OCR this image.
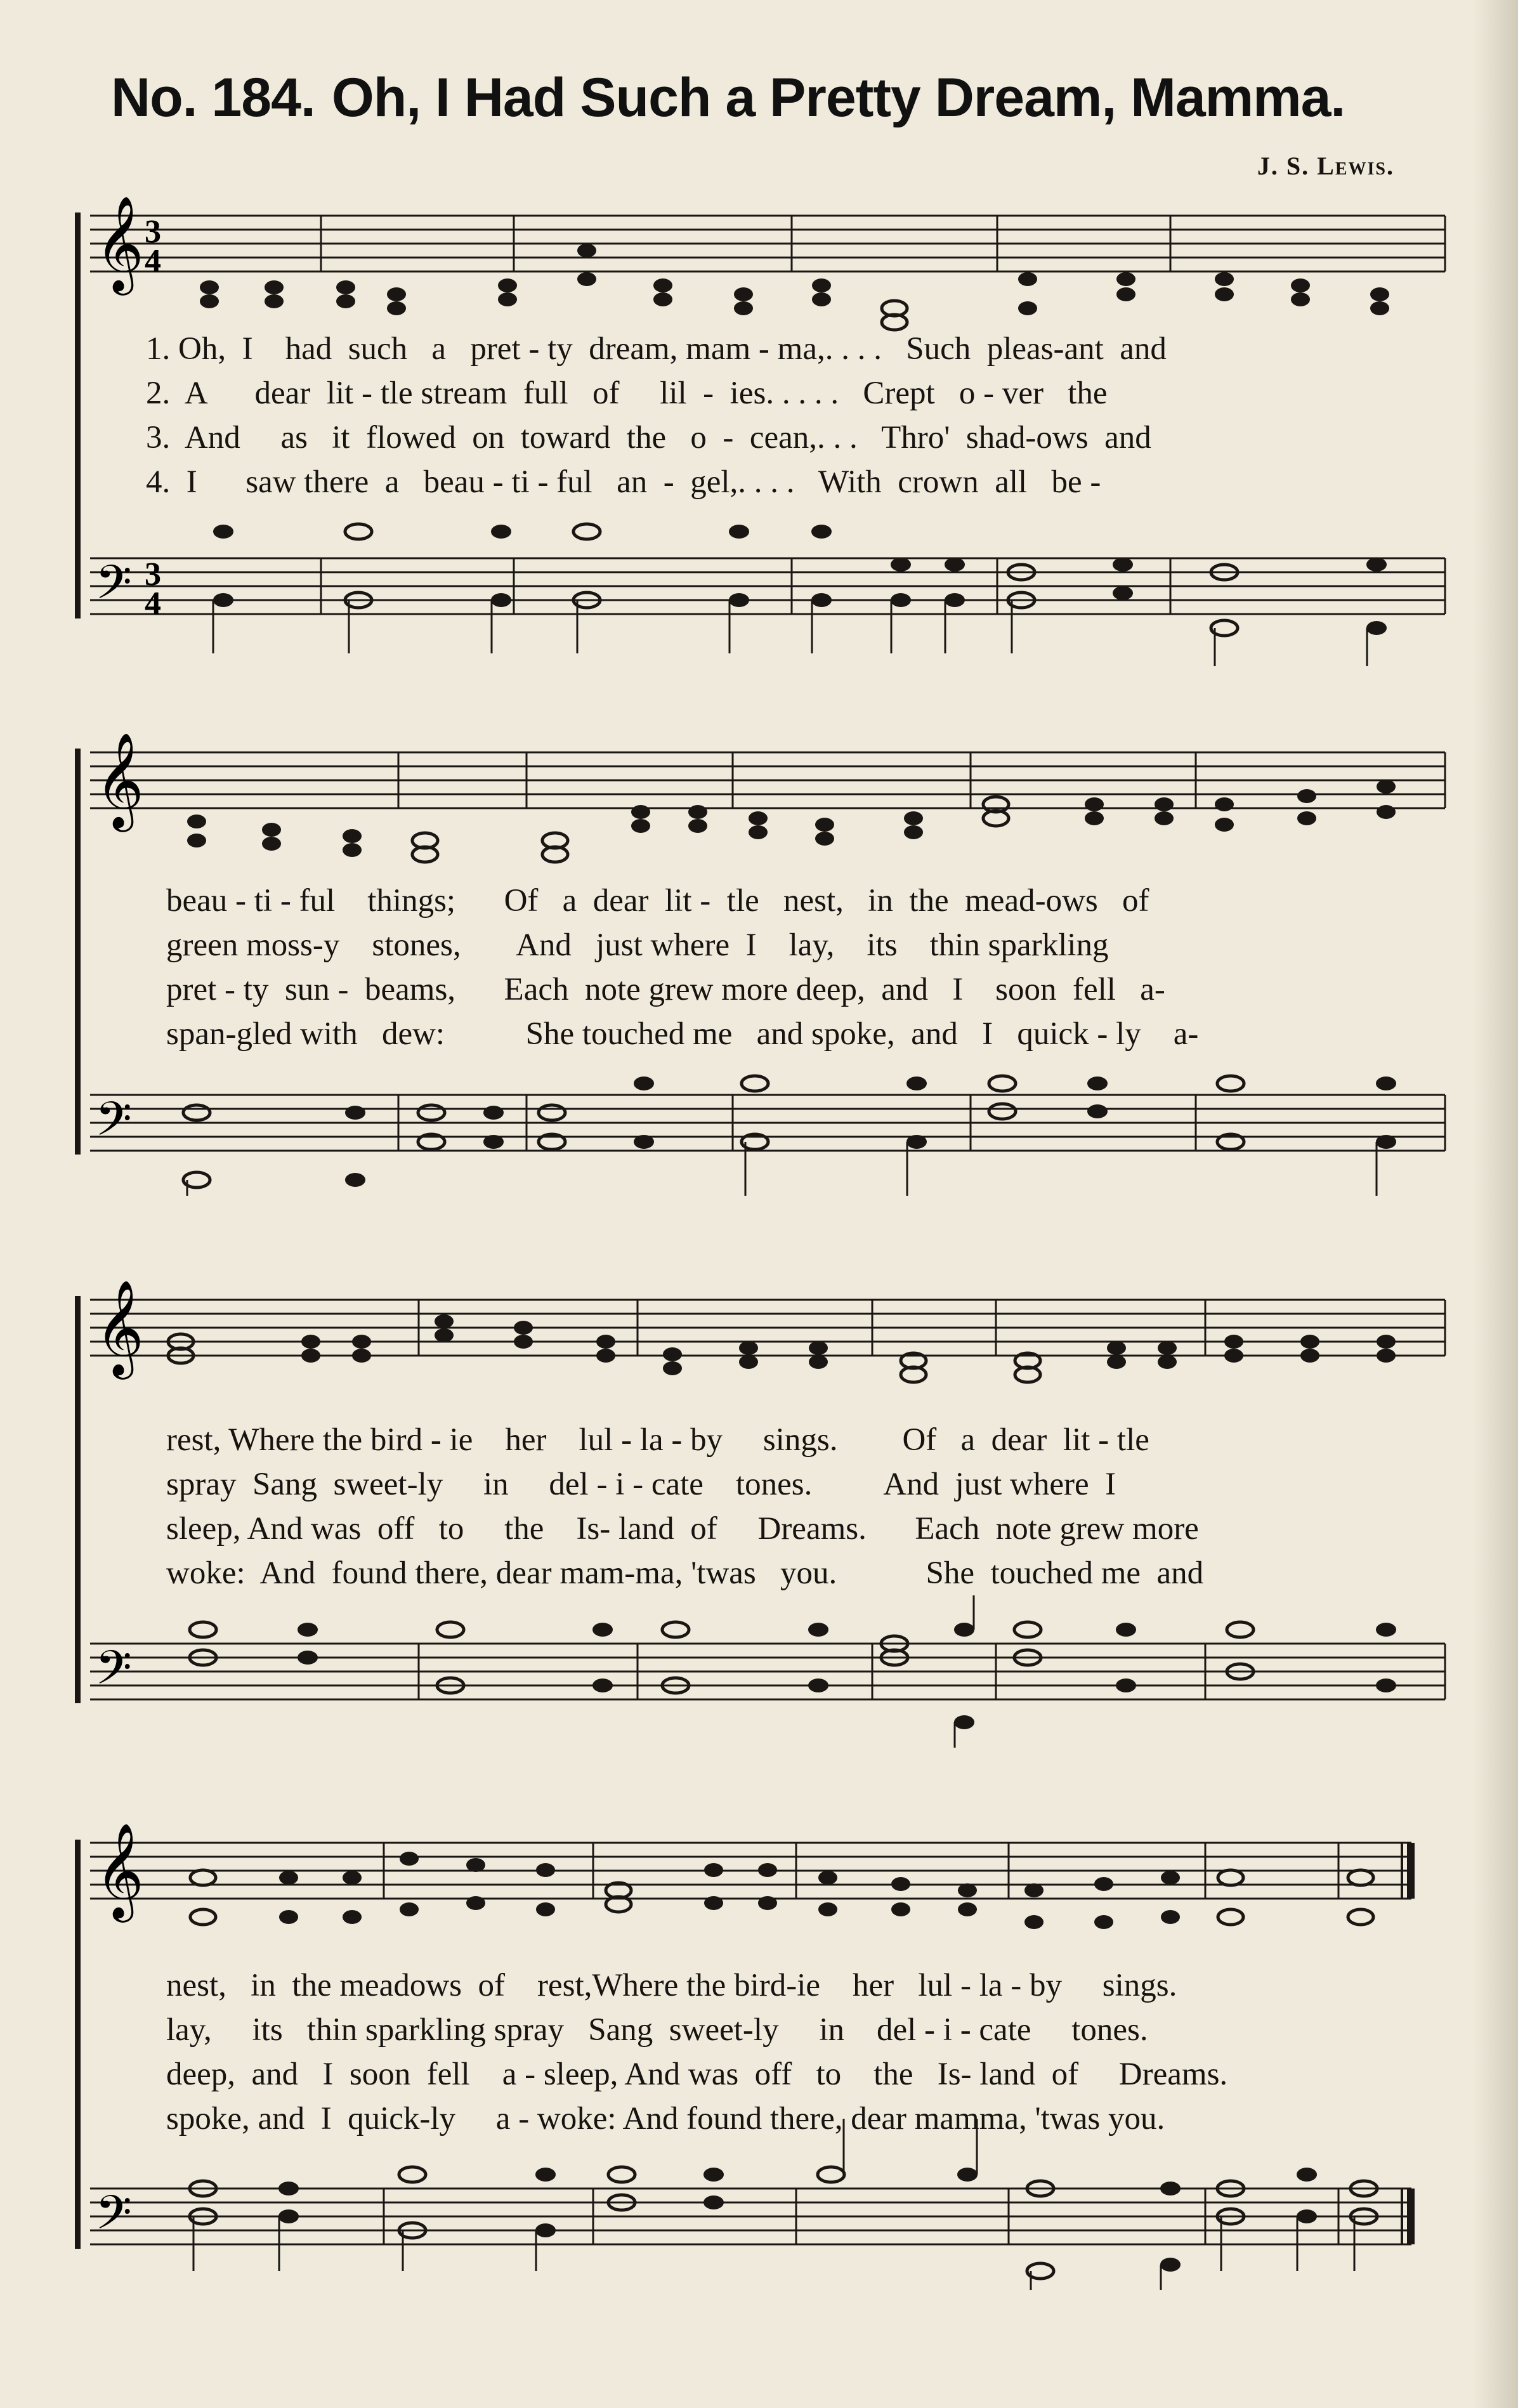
No. 184. Oh, I Had Such a Pretty Dream, Mamma.
J. S. Lewis.
𝄞
𝄢
3
4
3
4
1. Oh,  I    had  such   a   pret - ty  dream, mam - ma,. . . .   Such  pleas-ant  and
2.  A      dear  lit - tle stream  full   of     lil  -  ies. . . . .   Crept   o - ver   the
3.  And     as   it  flowed  on  toward  the   o  -  cean,. . .   Thro'  shad-ows  and
4.  I      saw there  a   beau - ti - ful   an  -  gel,. . . .   With  crown  all   be -
𝄞
𝄢
beau - ti - ful    things;      Of   a  dear  lit -  tle   nest,   in  the  mead-ows   of
green moss-y    stones,       And   just where  I    lay,    its    thin sparkling
pret - ty  sun -  beams,      Each  note grew more deep,  and   I    soon  fell   a-
span-gled with   dew:          She touched me   and spoke,  and   I   quick - ly    a-
𝄞
𝄢
rest, Where the bird - ie    her    lul - la - by     sings.        Of   a  dear  lit - tle
spray  Sang  sweet-ly     in     del - i - cate    tones.         And  just where  I
sleep, And was  off   to     the    Is- land  of     Dreams.      Each  note grew more
woke:  And  found there, dear mam-ma, 'twas   you.           She  touched me  and
𝄞
𝄢
nest,   in  the meadows  of    rest,Where the bird-ie    her   lul - la - by     sings.
lay,     its   thin sparkling spray   Sang  sweet-ly     in    del - i - cate     tones.
deep,  and   I  soon  fell    a - sleep, And was  off   to    the   Is- land  of     Dreams.
spoke, and  I  quick-ly     a - woke: And found there, dear mamma, 'twas you.
